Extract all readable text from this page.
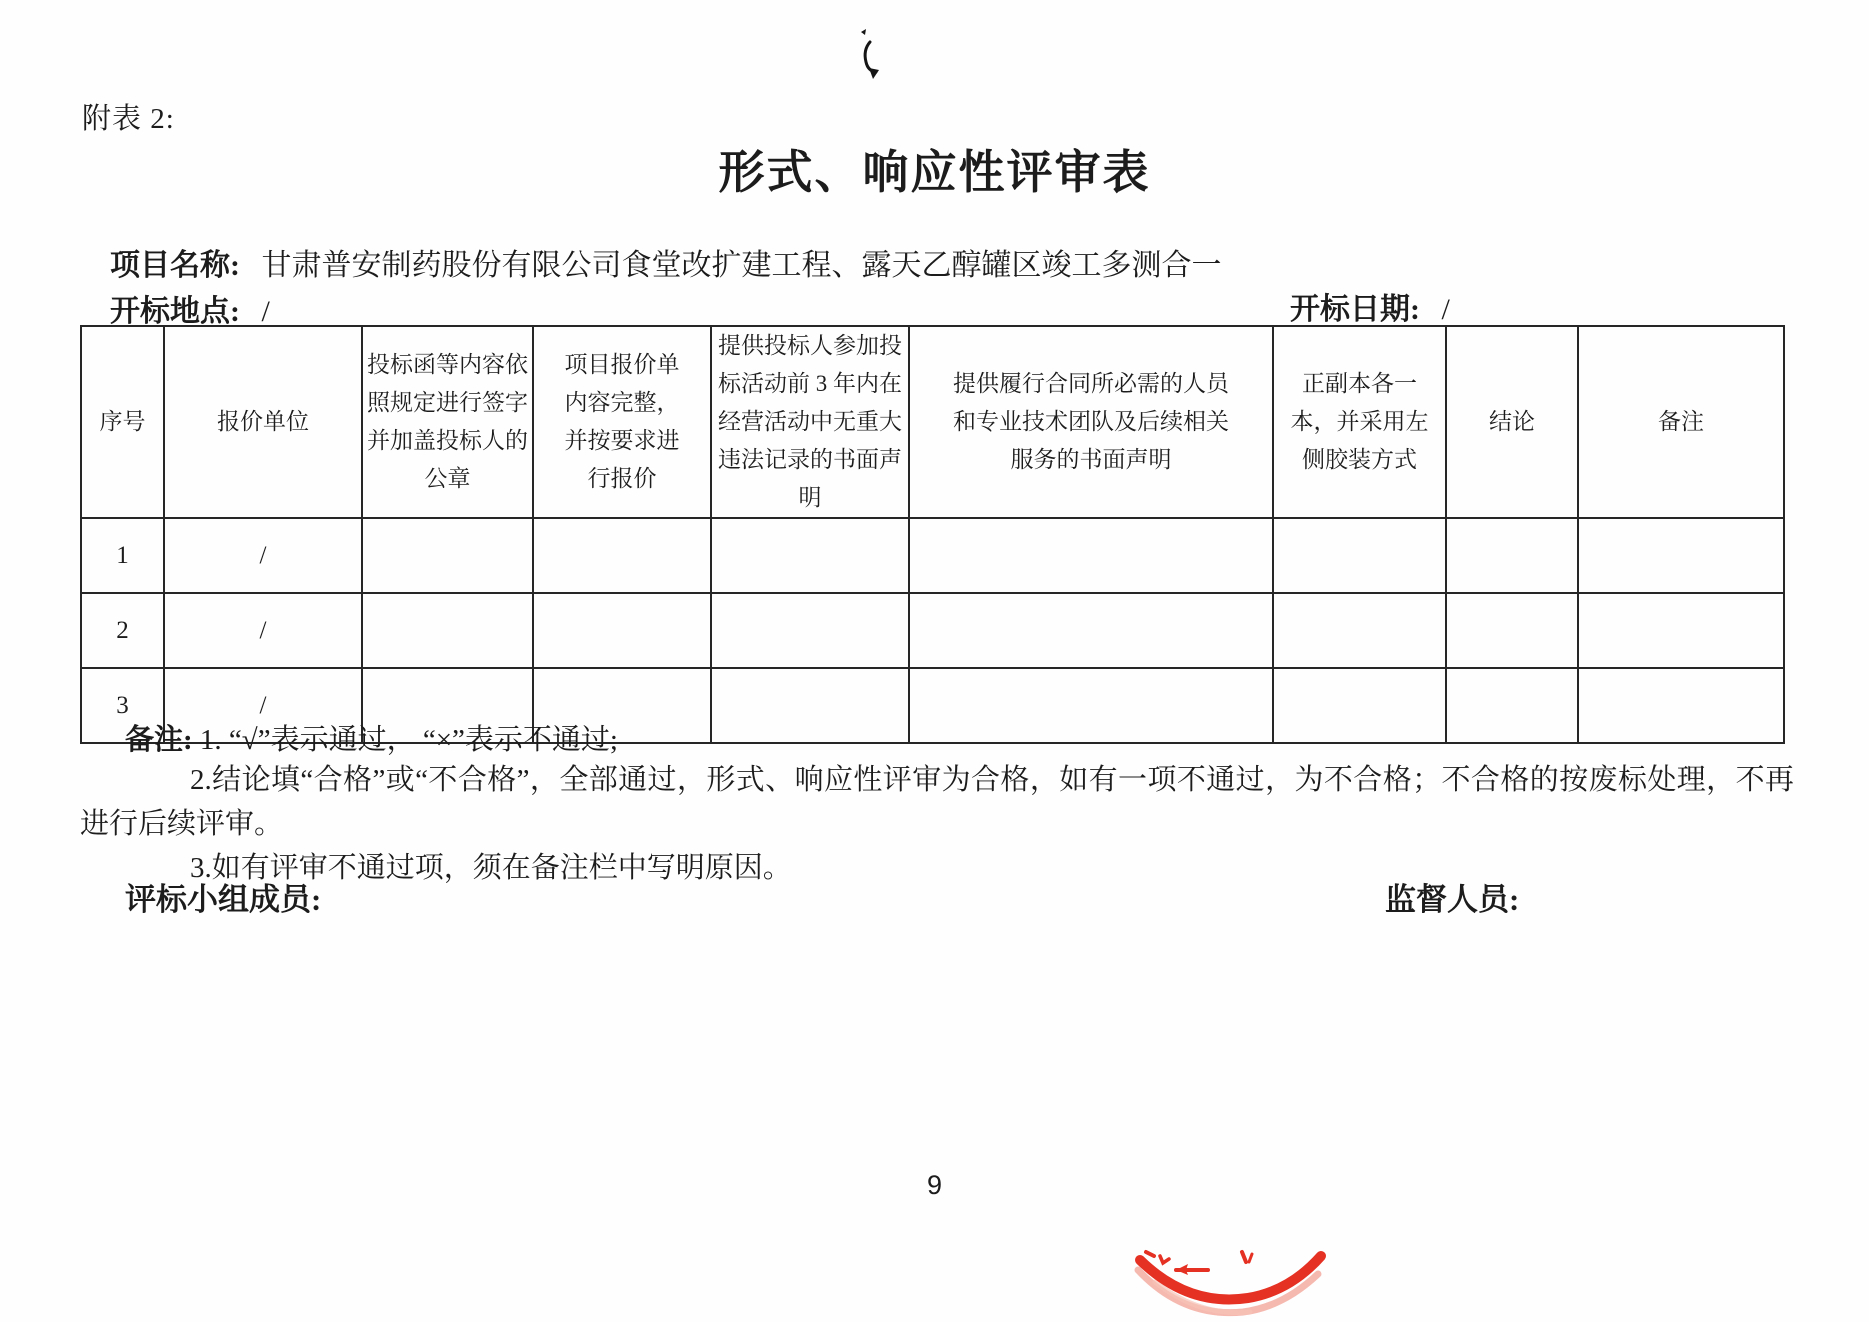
附表 2:
形式、响应性评审表
项目名称: 甘肃普安制药股份有限公司食堂改扩建工程、露天乙醇罐区竣工多测合一
开标地点: /	开标日期: /
序号	报价单位	投标函等内容依照规定进行签字并加盖投标人的公章	项目报价单内容完整，并按要求进行报价	提供投标人参加投标活动前 3 年内在经营活动中无重大违法记录的书面声明	提供履行合同所必需的人员和专业技术团队及后续相关服务的书面声明	正副本各一本，并采用左侧胶装方式	结论	备注
1	/							
2	/							
3	/							
备注: 1. “√”表示通过， “×”表示不通过;
2.结论填“合格”或“不合格”，全部通过，形式、响应性评审为合格，如有一项不通过，为不合格；不合格的按废标处理，不再进行后续评审。
3.如有评审不通过项，须在备注栏中写明原因。
评标小组成员:	监督人员:
9
